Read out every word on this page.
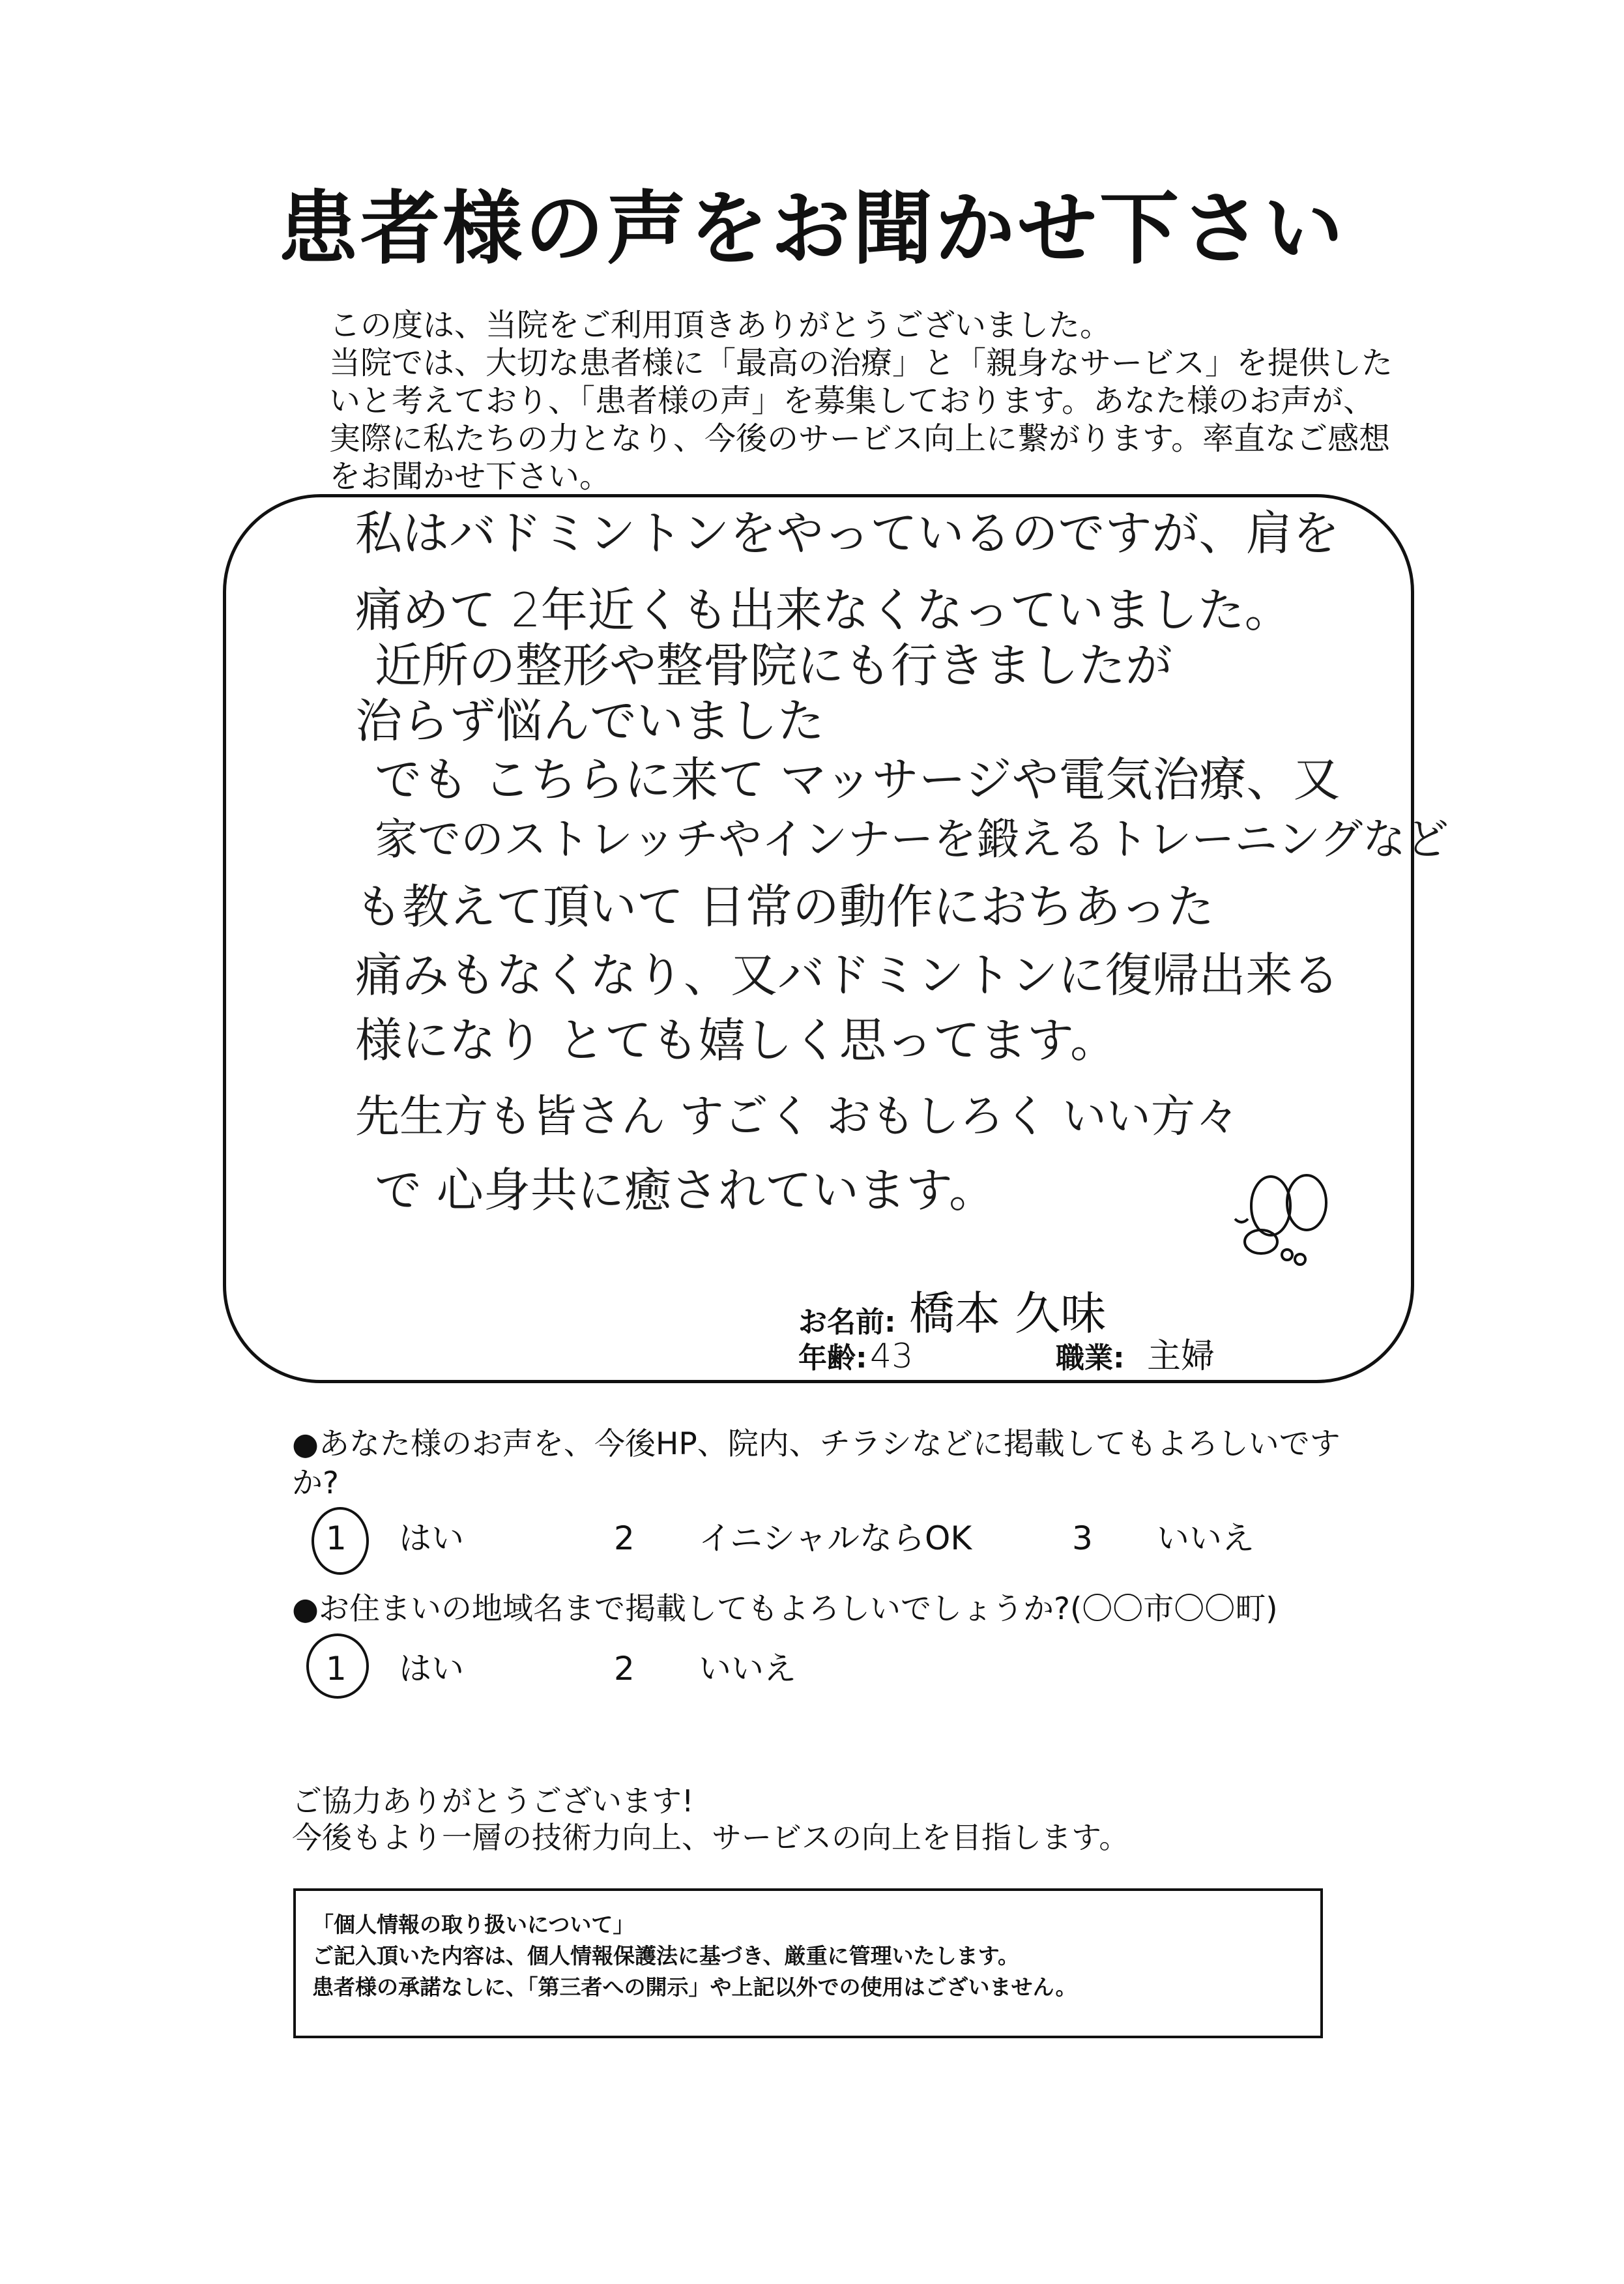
患者様の声をお聞かせ下さい
この度は、当院をご利用頂きありがとうございました。
当院では、大切な患者様に「最高の治療」と「親身なサービス」を提供した
いと考えており、「患者様の声」を募集しております。あなた様のお声が、
実際に私たちの力となり、今後のサービス向上に繋がります。率直なご感想
をお聞かせ下さい。
私はバドミントンをやっているのですが、肩を
痛めて 2年近くも出来なくなっていました。
近所の整形や整骨院にも行きましたが
治らず悩んでいました
でも こちらに来て マッサージや電気治療、又
家でのストレッチやインナーを鍛えるトレーニングなど
も教えて頂いて 日常の動作におちあった
痛みもなくなり、又バドミントンに復帰出来る
様になり とても嬉しく思ってます。
先生方も皆さん すごく おもしろく いい方々
で 心身共に癒されています。
お名前: 橋本 久味
年齢: 43	職業: 主婦
●あなた様のお声を、今後HP、院内、チラシなどに掲載してもよろしいです
か?
1 はい	2 イニシャルならOK	3 いいえ
●お住まいの地域名まで掲載してもよろしいでしょうか?(〇〇市〇〇町)
1 はい	2 いいえ
ご協力ありがとうございます!
今後もより一層の技術力向上、サービスの向上を目指します。
「個人情報の取り扱いについて」
ご記入頂いた内容は、個人情報保護法に基づき、厳重に管理いたします。
患者様の承諾なしに、「第三者への開示」や上記以外での使用はございません。
